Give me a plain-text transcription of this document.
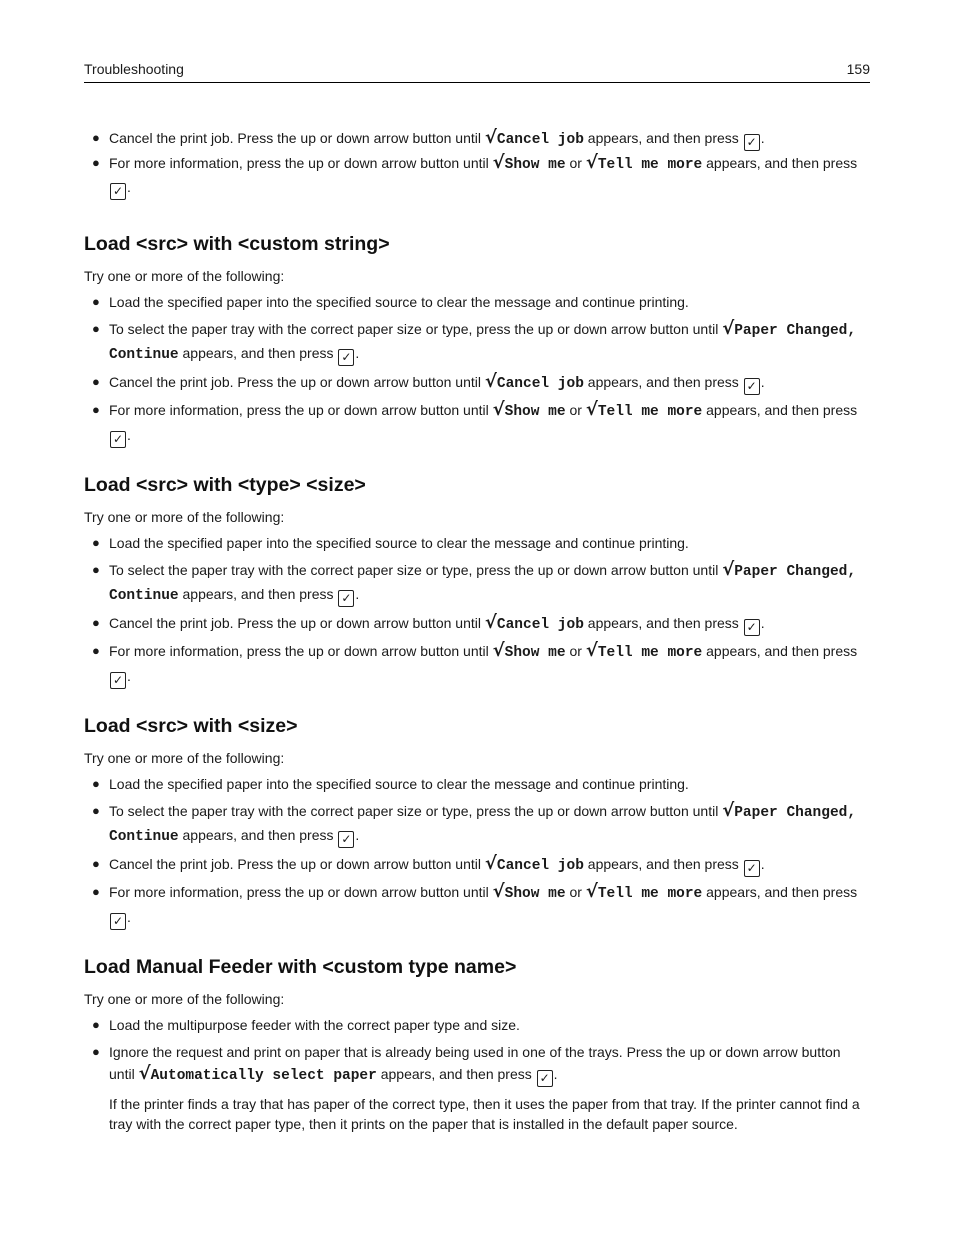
Troubleshooting	159
● Cancel the print job. Press the up or down arrow button until √Cancel job appears, and then press ✓ .
● For more information, press the up or down arrow button until √Show me or √Tell me more appears, and then press ✓ .
Load <src> with <custom string>

Try one or more of the following:

● Load the specified paper into the specified source to clear the message and continue printing.
● To select the paper tray with the correct paper size or type, press the up or down arrow button until √Paper Changed, Continue appears, and then press ✓ .
● Cancel the print job. Press the up or down arrow button until √Cancel job appears, and then press ✓ .
● For more information, press the up or down arrow button until √Show me or √Tell me more appears, and then press ✓ .
Load <src> with <type> <size>

Try one or more of the following:

● Load the specified paper into the specified source to clear the message and continue printing.
● To select the paper tray with the correct paper size or type, press the up or down arrow button until √Paper Changed, Continue appears, and then press ✓ .
● Cancel the print job. Press the up or down arrow button until √Cancel job appears, and then press ✓ .
● For more information, press the up or down arrow button until √Show me or √Tell me more appears, and then press ✓ .
Load <src> with <size>

Try one or more of the following:

● Load the specified paper into the specified source to clear the message and continue printing.
● To select the paper tray with the correct paper size or type, press the up or down arrow button until √Paper Changed, Continue appears, and then press ✓ .
● Cancel the print job. Press the up or down arrow button until √Cancel job appears, and then press ✓ .
● For more information, press the up or down arrow button until √Show me or √Tell me more appears, and then press ✓ .
Load Manual Feeder with <custom type name>

Try one or more of the following:

● Load the multipurpose feeder with the correct paper type and size.
● Ignore the request and print on paper that is already being used in one of the trays. Press the up or down arrow button until √Automatically select paper appears, and then press ✓ .

If the printer finds a tray that has paper of the correct type, then it uses the paper from that tray. If the printer cannot find a tray with the correct paper type, then it prints on the paper that is installed in the default paper source.
